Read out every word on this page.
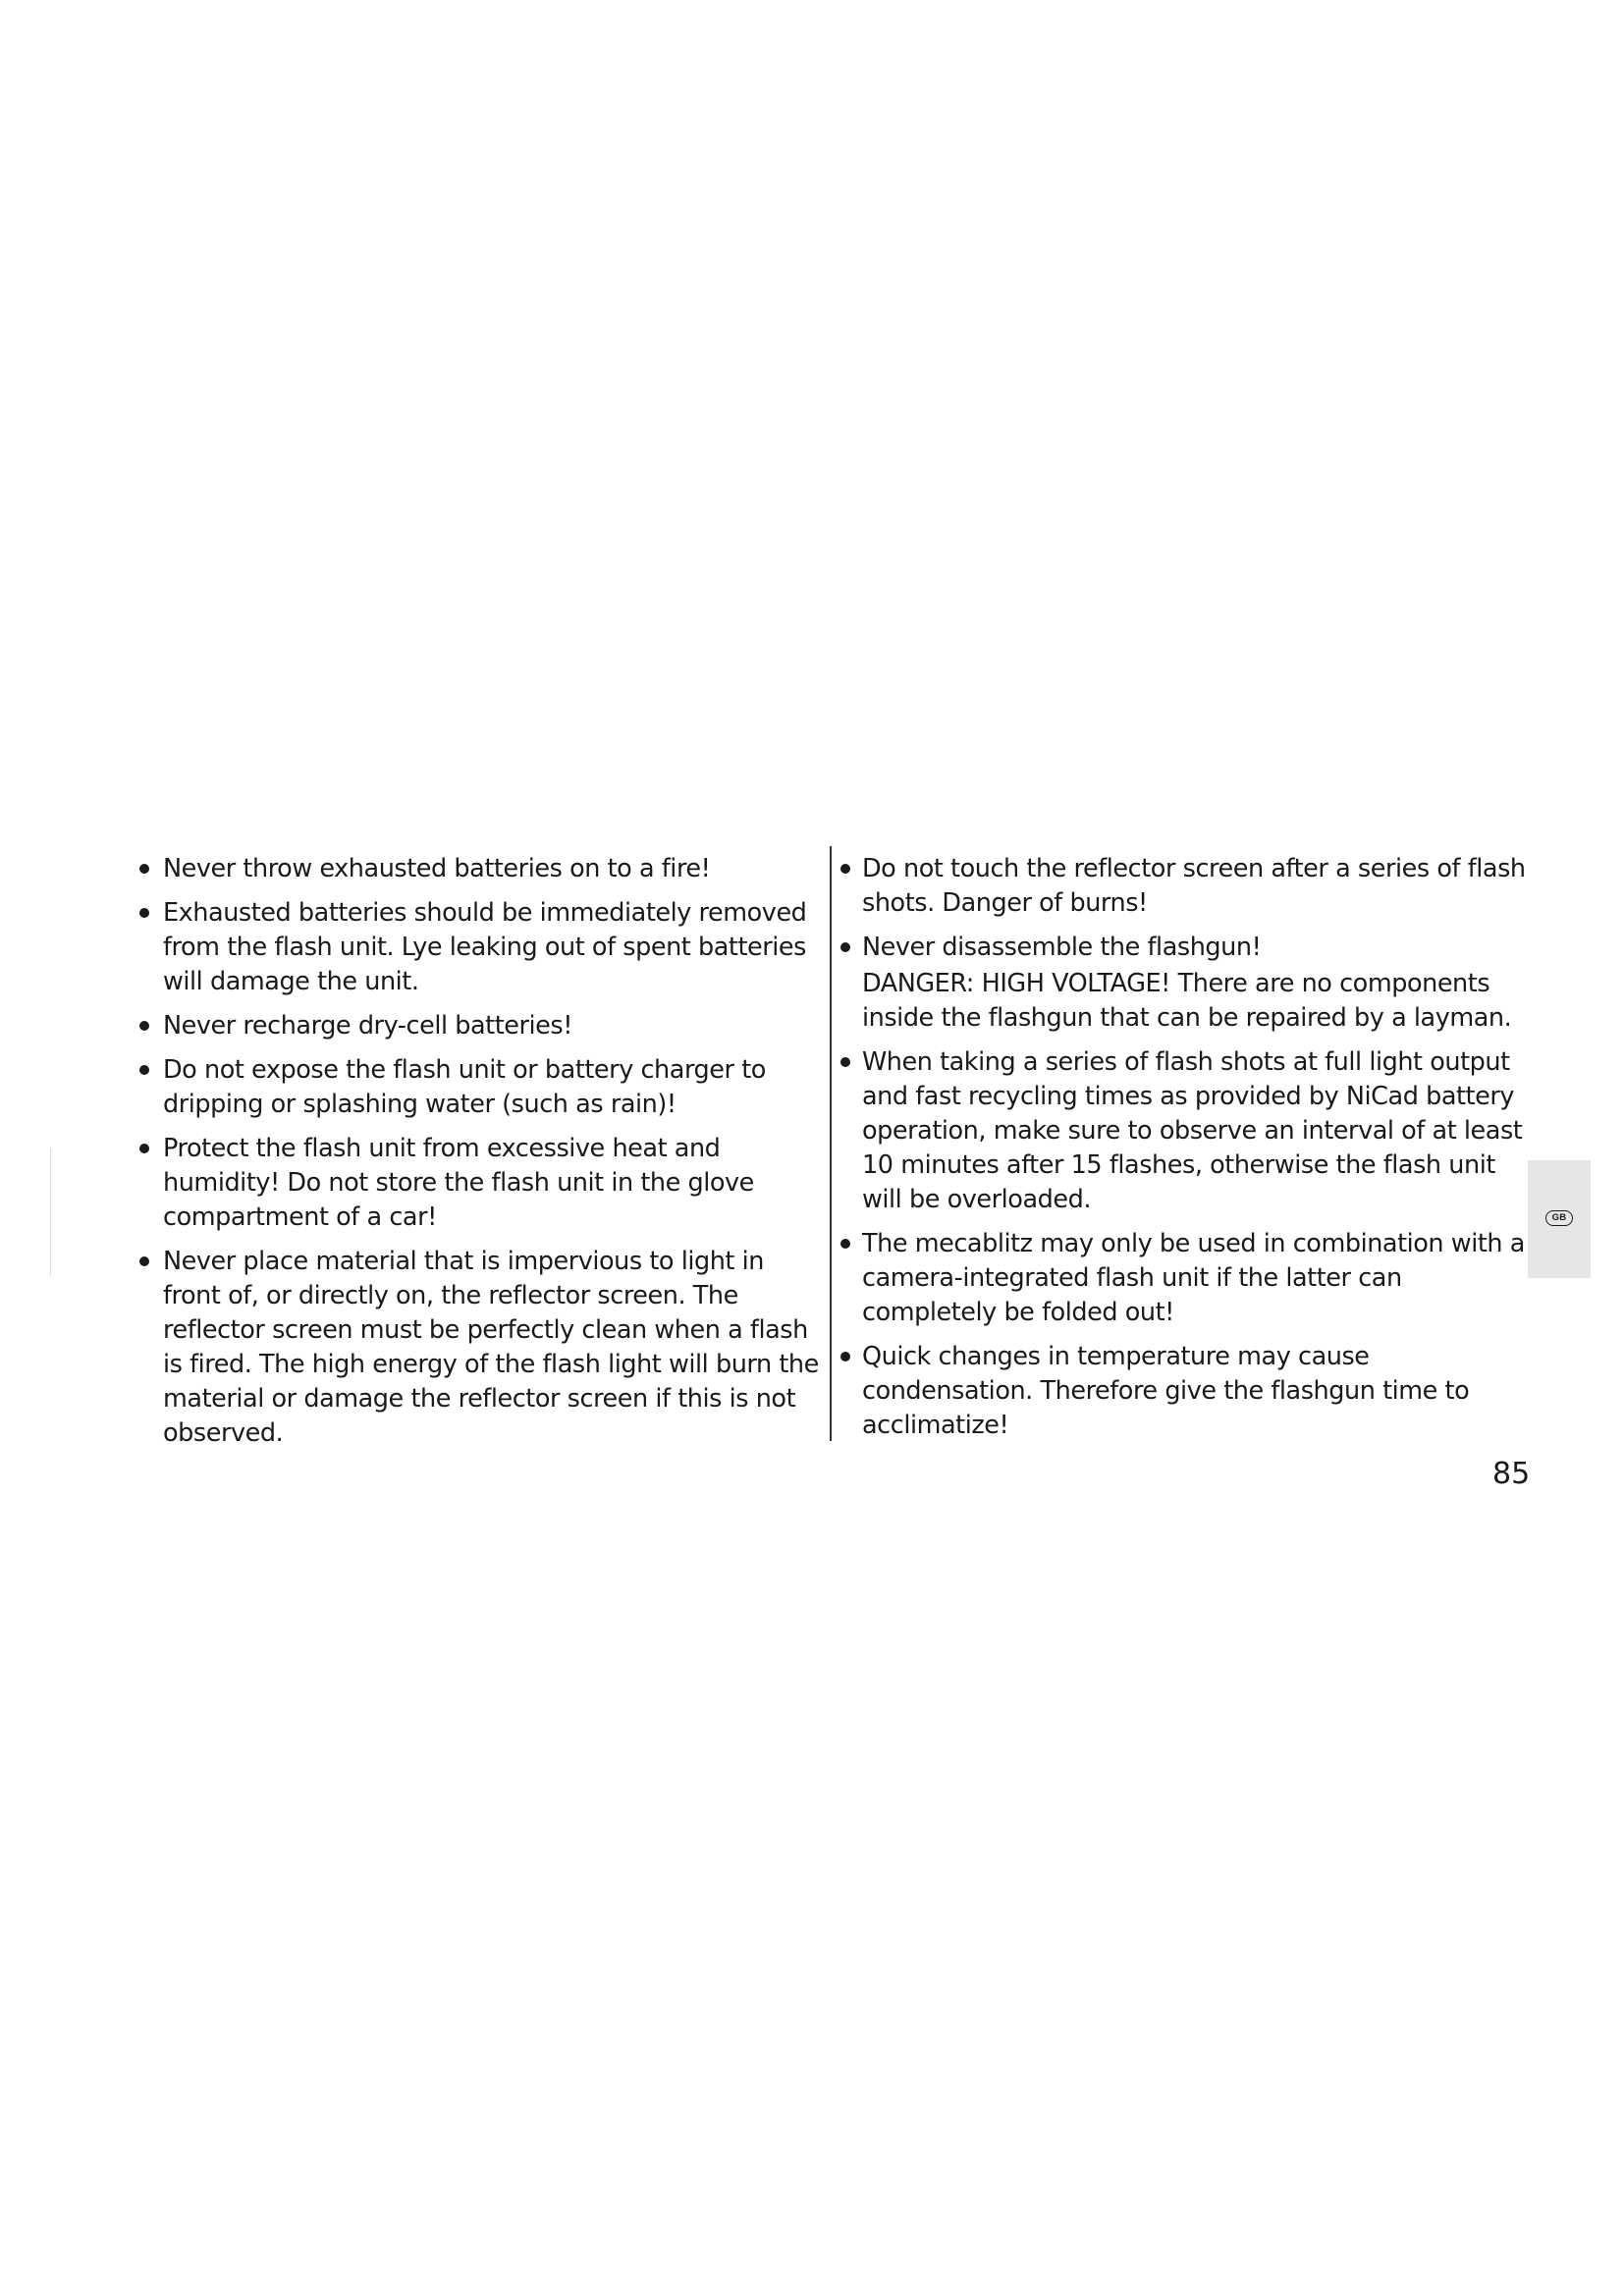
Never throw exhausted batteries on to a fire!
Exhausted batteries should be immediately removed from the flash unit. Lye leaking out of spent batteries will damage the unit.
Never recharge dry-cell batteries!
Do not expose the flash unit or battery charger to dripping or splashing water (such as rain)!
Protect the flash unit from excessive heat and humidity! Do not store the flash unit in the glove compartment of a car!
Never place material that is impervious to light in front of, or directly on, the reflector screen. The reflector screen must be perfectly clean when a flash is fired. The high energy of the flash light will burn the material or damage the reflector screen if this is not observed.
Do not touch the reflector screen after a series of flash shots. Danger of burns!
Never disassemble the flashgun!
DANGER: HIGH VOLTAGE! There are no components inside the flashgun that can be repaired by a layman.
When taking a series of flash shots at full light output and fast recycling times as provided by NiCad battery operation, make sure to observe an interval of at least 10 minutes after 15 flashes, otherwise the flash unit will be overloaded.
The mecablitz may only be used in combination with a camera-integrated flash unit if the latter can completely be folded out!
Quick changes in temperature may cause condensation. Therefore give the flashgun time to acclimatize!
GB
85
